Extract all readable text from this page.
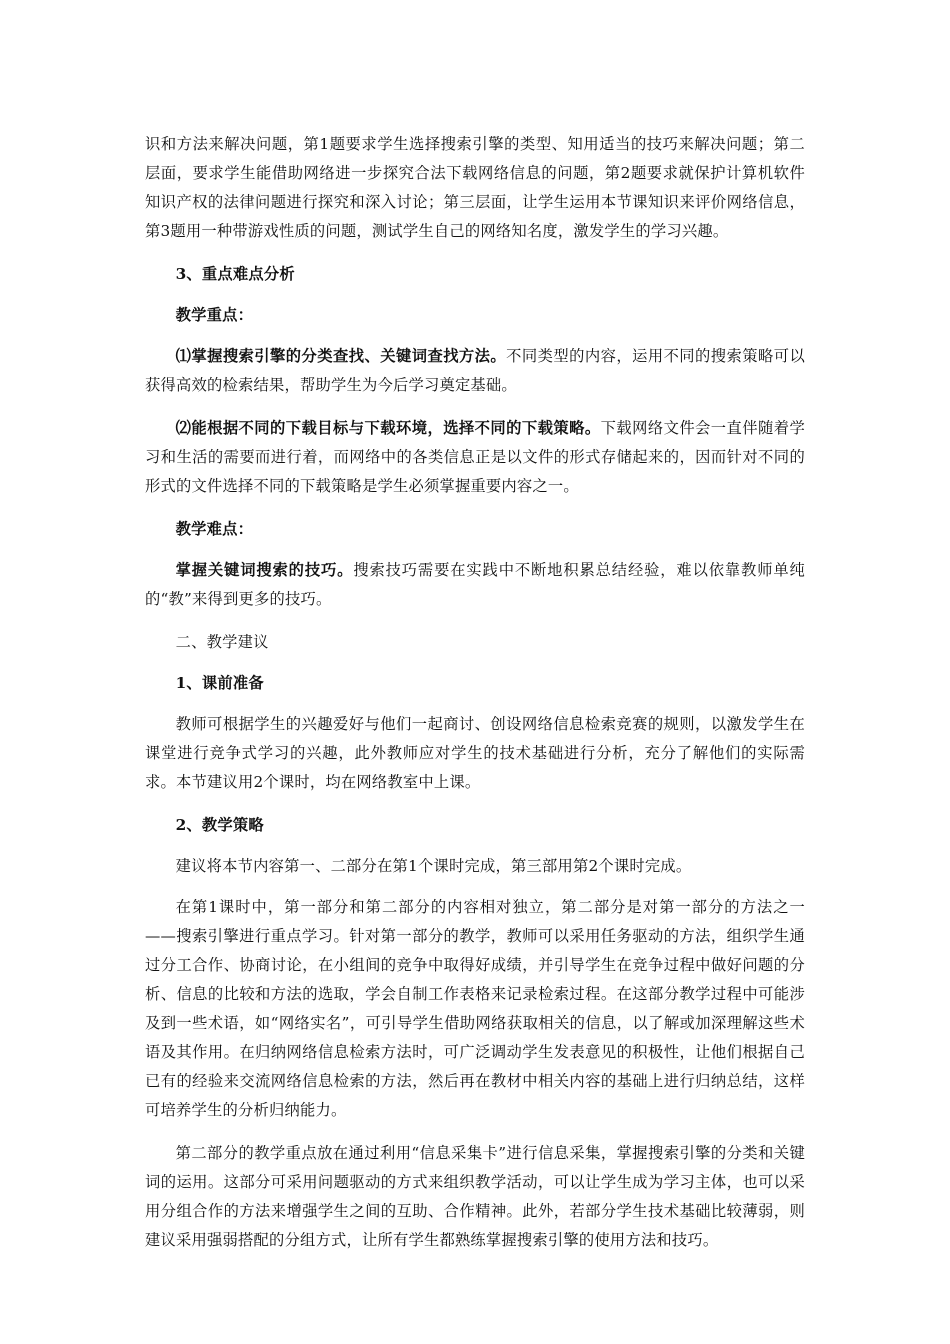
识和方法来解决问题，第1题要求学生选择搜索引擎的类型、知用适当的技巧来解决问题；第二层面，要求学生能借助网络进一步探究合法下载网络信息的问题，第2题要求就保护计算机软件知识产权的法律问题进行探究和深入讨论；第三层面，让学生运用本节课知识来评价网络信息，第3题用一种带游戏性质的问题，测试学生自己的网络知名度，激发学生的学习兴趣。

3、重点难点分析

教学重点：

⑴掌握搜索引擎的分类查找、关键词查找方法。不同类型的内容，运用不同的搜索策略可以获得高效的检索结果，帮助学生为今后学习奠定基础。

⑵能根据不同的下载目标与下载环境，选择不同的下载策略。下载网络文件会一直伴随着学习和生活的需要而进行着，而网络中的各类信息正是以文件的形式存储起来的，因而针对不同的形式的文件选择不同的下载策略是学生必须掌握重要内容之一。

教学难点：

掌握关键词搜索的技巧。搜索技巧需要在实践中不断地积累总结经验，难以依靠教师单纯的“教”来得到更多的技巧。

二、教学建议

1、课前准备

教师可根据学生的兴趣爱好与他们一起商讨、创设网络信息检索竞赛的规则，以激发学生在课堂进行竞争式学习的兴趣，此外教师应对学生的技术基础进行分析，充分了解他们的实际需求。本节建议用2个课时，均在网络教室中上课。

2、教学策略

建议将本节内容第一、二部分在第1个课时完成，第三部用第2个课时完成。

在第1课时中，第一部分和第二部分的内容相对独立，第二部分是对第一部分的方法之一——搜索引擎进行重点学习。针对第一部分的教学，教师可以采用任务驱动的方法，组织学生通过分工合作、协商讨论，在小组间的竞争中取得好成绩，并引导学生在竞争过程中做好问题的分析、信息的比较和方法的选取，学会自制工作表格来记录检索过程。在这部分教学过程中可能涉及到一些术语，如“网络实名”，可引导学生借助网络获取相关的信息，以了解或加深理解这些术语及其作用。在归纳网络信息检索方法时，可广泛调动学生发表意见的积极性，让他们根据自己已有的经验来交流网络信息检索的方法，然后再在教材中相关内容的基础上进行归纳总结，这样可培养学生的分析归纳能力。

第二部分的教学重点放在通过利用“信息采集卡”进行信息采集，掌握搜索引擎的分类和关键词的运用。这部分可采用问题驱动的方式来组织教学活动，可以让学生成为学习主体，也可以采用分组合作的方法来增强学生之间的互助、合作精神。此外，若部分学生技术基础比较薄弱，则建议采用强弱搭配的分组方式，让所有学生都熟练掌握搜索引擎的使用方法和技巧。
